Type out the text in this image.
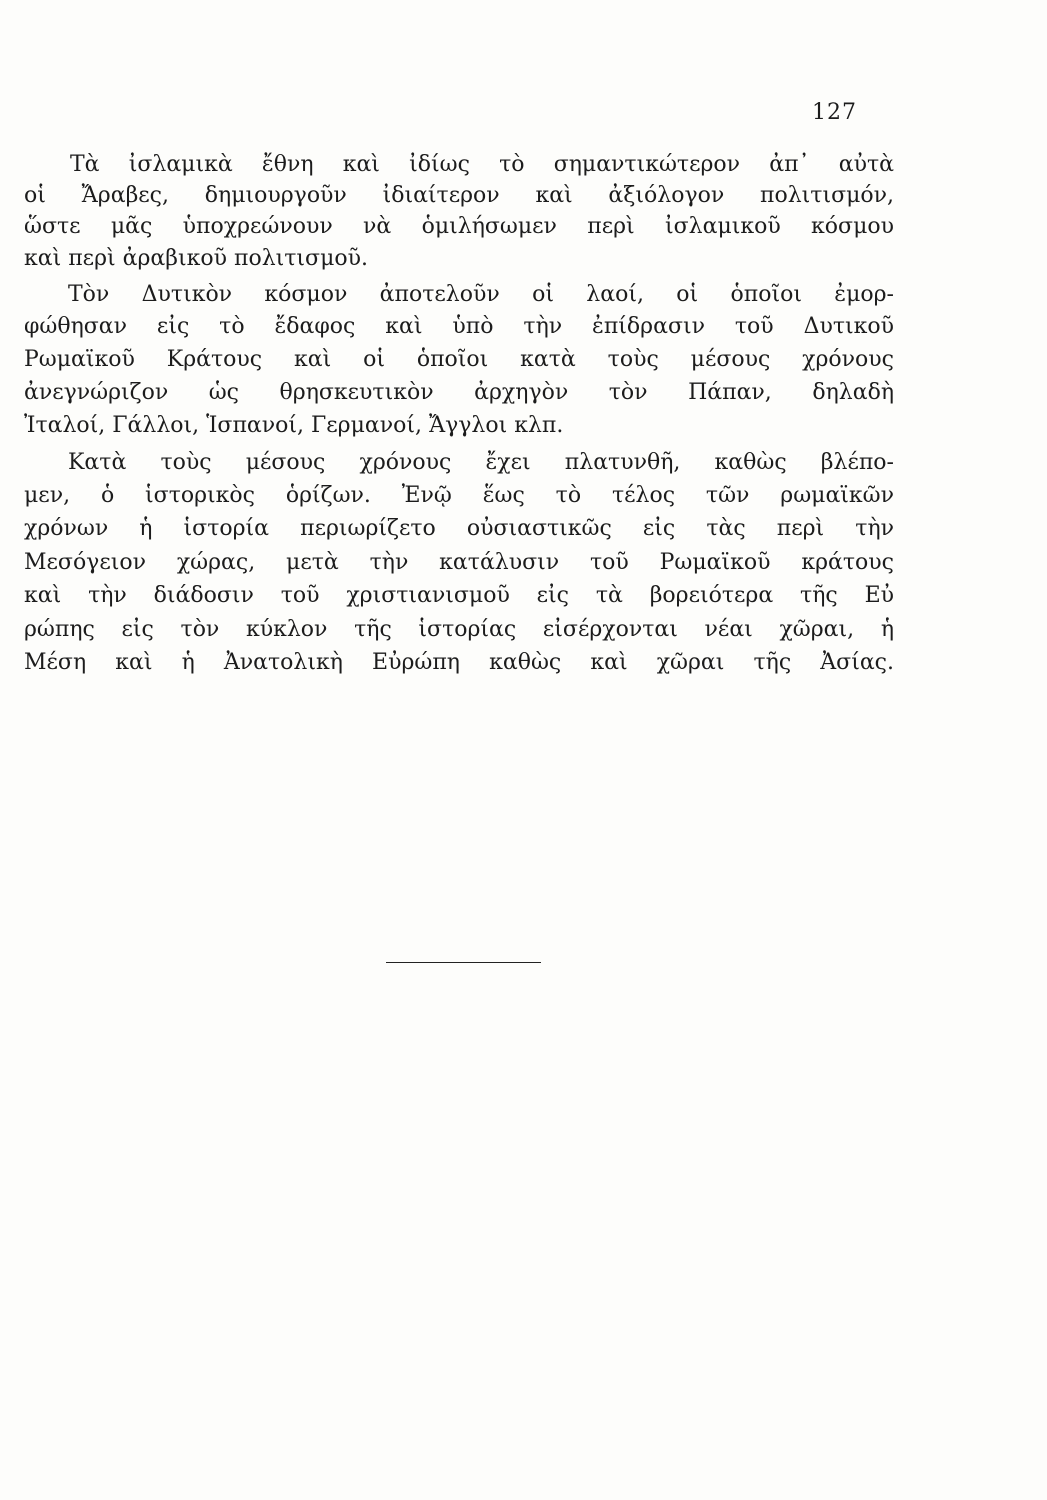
127
Τὰ ἰσλαμικὰ ἔθνη καὶ ἰδίως τὸ σημαντικώτερον ἀπ᾽ αὐτὰ
οἱ Ἄραβες, δημιουργοῦν ἰδιαίτερον καὶ ἀξιόλογον πολιτισμόν,
ὥστε μᾶς ὑποχρεώνουν νὰ ὁμιλήσωμεν περὶ ἰσλαμικοῦ κόσμου
καὶ περὶ ἀραβικοῦ πολιτισμοῦ.
Τὸν Δυτικὸν κόσμον ἀποτελοῦν οἱ λαοί, οἱ ὁποῖοι ἐμορ-
φώθησαν εἰς τὸ ἔδαφος καὶ ὑπὸ τὴν ἐπίδρασιν τοῦ Δυτικοῦ
Ρωμαϊκοῦ Κράτους καὶ οἱ ὁποῖοι κατὰ τοὺς μέσους χρόνους
ἀνεγνώριζον ὡς θρησκευτικὸν ἀρχηγὸν τὸν Πάπαν, δηλαδὴ
Ἰταλοί, Γάλλοι, Ἱσπανοί, Γερμανοί, Ἄγγλοι κλπ.
Κατὰ τοὺς μέσους χρόνους ἔχει πλατυνθῆ, καθὼς βλέπο-
μεν, ὁ ἱστορικὸς ὁρίζων. Ἐνῷ ἕως τὸ τέλος τῶν ρωμαϊκῶν
χρόνων ἡ ἱστορία περιωρίζετο οὐσιαστικῶς εἰς τὰς περὶ τὴν
Μεσόγειον χώρας, μετὰ τὴν κατάλυσιν τοῦ Ρωμαϊκοῦ κράτους
καὶ τὴν διάδοσιν τοῦ χριστιανισμοῦ εἰς τὰ βορειότερα τῆς Εὐ
ρώπης εἰς τὸν κύκλον τῆς ἱστορίας εἰσέρχονται νέαι χῶραι, ἡ
Μέση καὶ ἡ Ἀνατολικὴ Εὐρώπη καθὼς καὶ χῶραι τῆς Ἀσίας.
